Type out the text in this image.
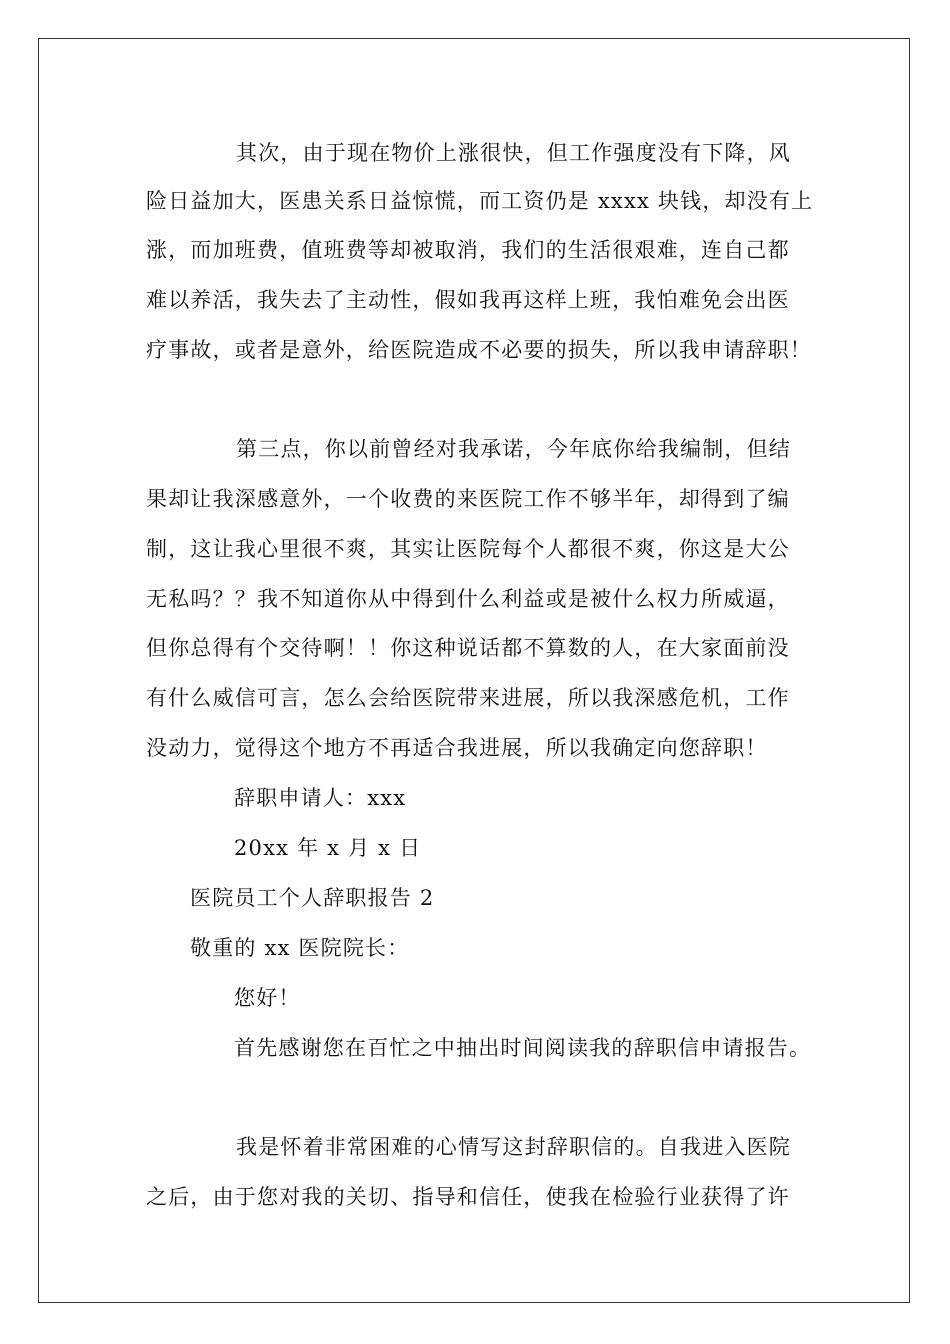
其次，由于现在物价上涨很快，但工作强度没有下降，风
险日益加大，医患关系日益惊慌，而工资仍是 xxxx 块钱，却没有上
涨，而加班费，值班费等却被取消，我们的生活很艰难，连自己都
难以养活，我失去了主动性，假如我再这样上班，我怕难免会出医
疗事故，或者是意外，给医院造成不必要的损失，所以我申请辞职！
第三点，你以前曾经对我承诺，今年底你给我编制，但结
果却让我深感意外，一个收费的来医院工作不够半年，却得到了编
制，这让我心里很不爽，其实让医院每个人都很不爽，你这是大公
无私吗？？我不知道你从中得到什么利益或是被什么权力所威逼，
但你总得有个交待啊！！你这种说话都不算数的人，在大家面前没
有什么威信可言，怎么会给医院带来进展，所以我深感危机，工作
没动力，觉得这个地方不再适合我进展，所以我确定向您辞职！
辞职申请人：xxx
20xx 年 x 月 x 日
医院员工个人辞职报告 2
敬重的 xx 医院院长：
您好！
首先感谢您在百忙之中抽出时间阅读我的辞职信申请报告。
我是怀着非常困难的心情写这封辞职信的。自我进入医院
之后，由于您对我的关切、指导和信任，使我在检验行业获得了许
